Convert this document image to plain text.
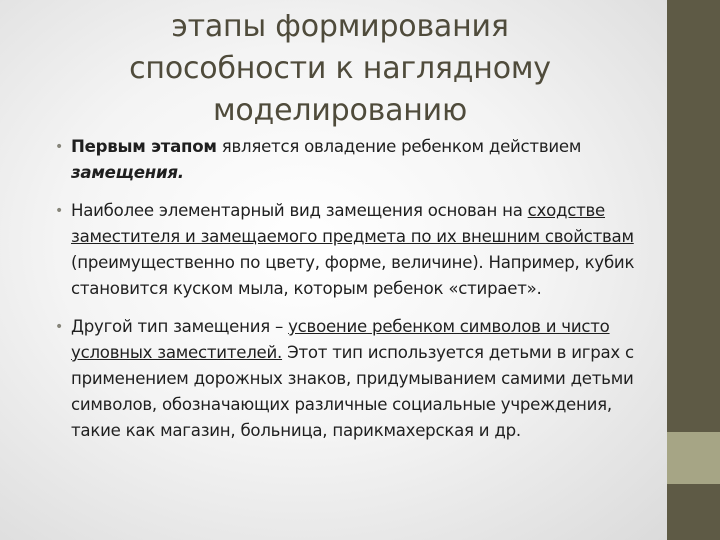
этапы формирования
способности к наглядному
моделированию
• Первым этапом является овладение ребенком действием замещения.
• Наиболее элементарный вид замещения основан на сходстве заместителя и замещаемого предмета по их внешним свойствам (преимущественно по цвету, форме, величине). Например, кубик становится куском мыла, которым ребенок «стирает».
• Другой тип замещения – усвоение ребенком символов и чисто условных заместителей. Этот тип используется детьми в играх с применением дорожных знаков, придумыванием самими детьми символов, обозначающих различные социальные учреждения, такие как магазин, больница, парикмахерская и др.
